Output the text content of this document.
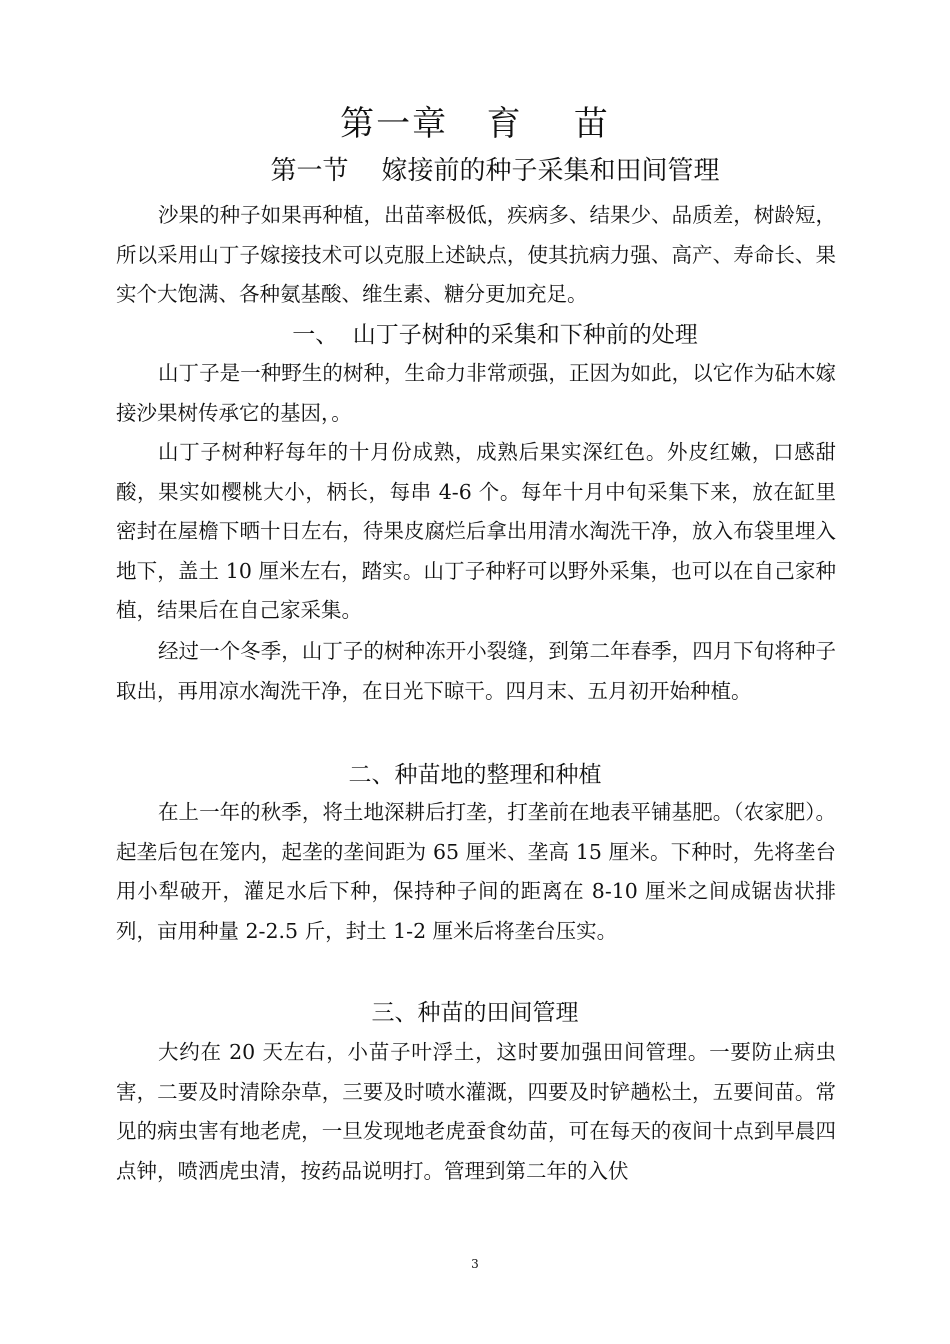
第一章   育    苗
第一节    嫁接前的种子采集和田间管理

沙果的种子如果再种植，出苗率极低，疾病多、结果少、品质差，树龄短，所以采用山丁子嫁接技术可以克服上述缺点，使其抗病力强、高产、寿命长、果实个大饱满、各种氨基酸、维生素、糖分更加充足。

一、  山丁子树种的采集和下种前的处理

山丁子是一种野生的树种，生命力非常顽强，正因为如此，以它作为砧木嫁接沙果树传承它的基因，。

山丁子树种籽每年的十月份成熟，成熟后果实深红色。外皮红嫩，口感甜酸，果实如樱桃大小，柄长，每串 4-6 个。每年十月中旬采集下来，放在缸里密封在屋檐下晒十日左右，待果皮腐烂后拿出用清水淘洗干净，放入布袋里埋入地下，盖土 10 厘米左右，踏实。山丁子种籽可以野外采集，也可以在自己家种植，结果后在自己家采集。

经过一个冬季，山丁子的树种冻开小裂缝，到第二年春季，四月下旬将种子取出，再用凉水淘洗干净，在日光下晾干。四月末、五月初开始种植。

二、种苗地的整理和种植

在上一年的秋季，将土地深耕后打垄，打垄前在地表平铺基肥。（农家肥）。起垄后包在笼内，起垄的垄间距为 65 厘米、垄高 15 厘米。下种时，先将垄台用小犁破开，灌足水后下种，保持种子间的距离在 8-10 厘米之间成锯齿状排列，亩用种量 2-2.5 斤，封土 1-2 厘米后将垄台压实。

三、种苗的田间管理

大约在 20 天左右，小苗子叶浮土，这时要加强田间管理。一要防止病虫害，二要及时清除杂草，三要及时喷水灌溉，四要及时铲趟松土，五要间苗。常见的病虫害有地老虎，一旦发现地老虎蚕食幼苗，可在每天的夜间十点到早晨四点钟，喷洒虎虫清，按药品说明打。管理到第二年的入伏

3
